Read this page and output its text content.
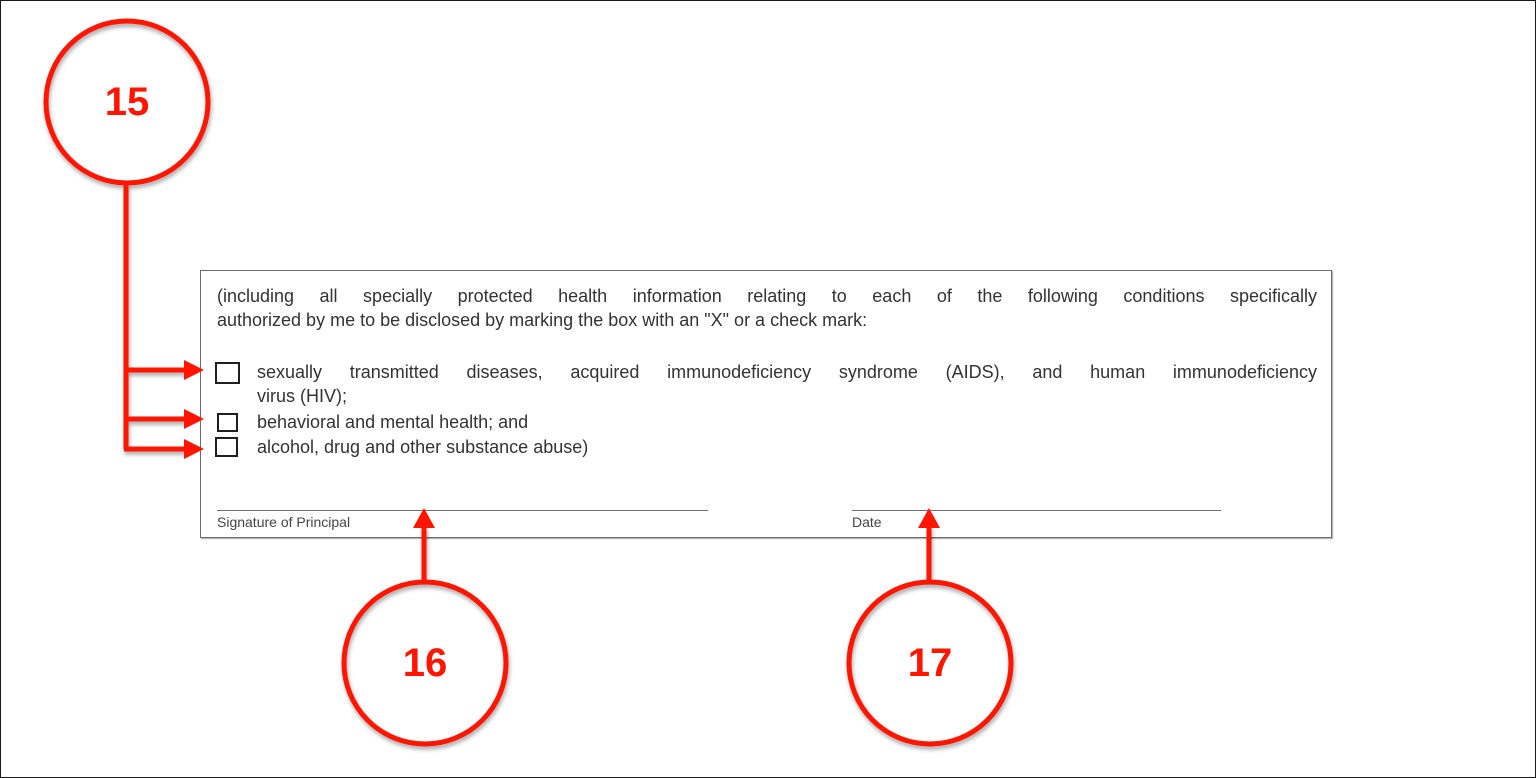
(including all specially protected health information relating to each of the following conditions specifically
authorized by me to be disclosed by marking the box with an "X" or a check mark:
sexually transmitted diseases, acquired immunodeficiency syndrome (AIDS), and human immunodeficiency
virus (HIV);
behavioral and mental health; and
alcohol, drug and other substance abuse)
Signature of Principal	Date
15
16	17
